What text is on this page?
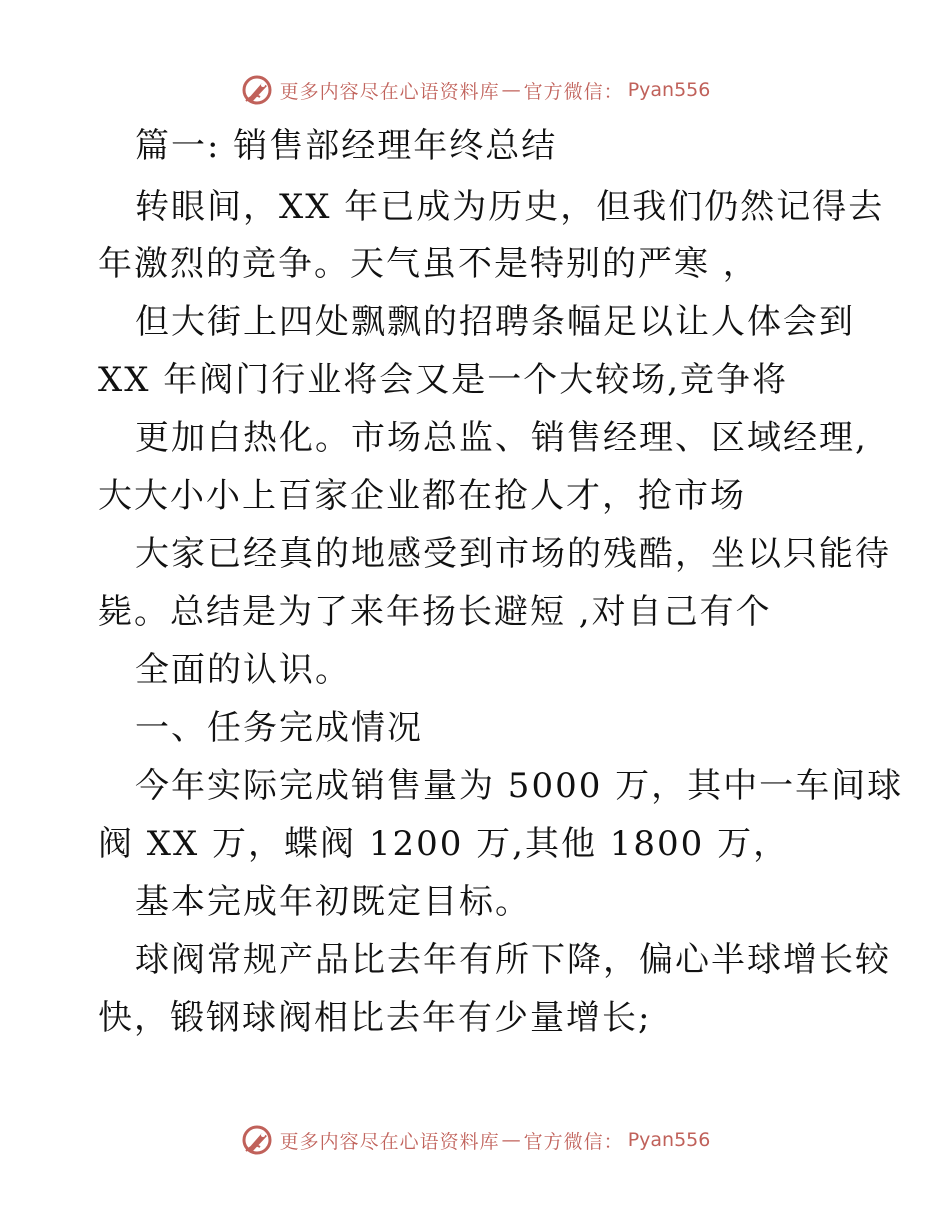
更多内容尽在心语资料库 — 官方微信： Pyan556
篇一: 销售部经理年终总结
转眼间，XX 年已成为历史，但我们仍然记得去
年激烈的竞争。天气虽不是特别的严寒 ，
但大街上四处飘飘的招聘条幅足以让人体会到
XX 年阀门行业将会又是一个大较场,竞争将
更加白热化。市场总监、销售经理、区域经理,
大大小小上百家企业都在抢人才，抢市场
大家已经真的地感受到市场的残酷，坐以只能待
毙。总结是为了来年扬长避短 ,对自己有个
全面的认识。
一、任务完成情况
今年实际完成销售量为 5000 万，其中一车间球
阀 XX 万，蝶阀 1200 万,其他 1800 万，
基本完成年初既定目标。
球阀常规产品比去年有所下降，偏心半球增长较
快，锻钢球阀相比去年有少量增长;
更多内容尽在心语资料库 — 官方微信： Pyan556
